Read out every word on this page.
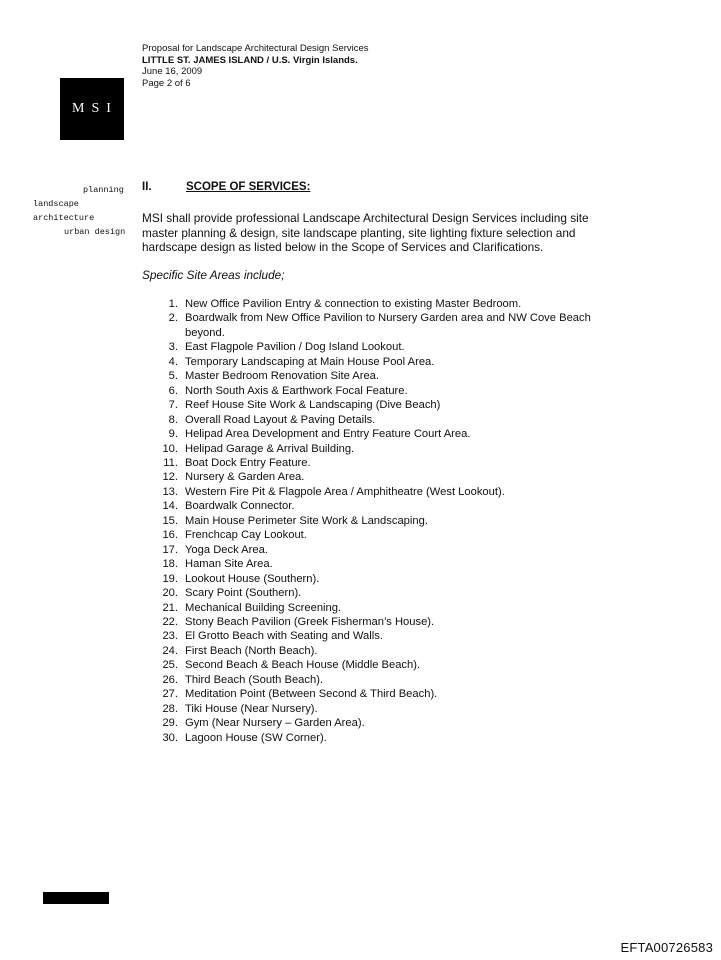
Proposal for Landscape Architectural Design Services
LITTLE ST. JAMES ISLAND / U.S. Virgin Islands.
June 16, 2009
Page 2 of 6
MSI
planning
landscape
architecture
urban design
II.	SCOPE OF SERVICES:
MSI shall provide professional Landscape Architectural Design Services including site master planning & design, site landscape planting, site lighting fixture selection and hardscape design as listed below in the Scope of Services and Clarifications.
Specific Site Areas include;
1. New Office Pavilion Entry & connection to existing Master Bedroom.
2. Boardwalk from New Office Pavilion to Nursery Garden area and NW Cove Beach beyond.
3. East Flagpole Pavilion / Dog Island Lookout.
4. Temporary Landscaping at Main House Pool Area.
5. Master Bedroom Renovation Site Area.
6. North South Axis & Earthwork Focal Feature.
7. Reef House Site Work & Landscaping (Dive Beach)
8. Overall Road Layout & Paving Details.
9. Helipad Area Development and Entry Feature Court Area.
10. Helipad Garage & Arrival Building.
11. Boat Dock Entry Feature.
12. Nursery & Garden Area.
13. Western Fire Pit & Flagpole Area / Amphitheatre (West Lookout).
14. Boardwalk Connector.
15. Main House Perimeter Site Work & Landscaping.
16. Frenchcap Cay Lookout.
17. Yoga Deck Area.
18. Haman Site Area.
19. Lookout House (Southern).
20. Scary Point (Southern).
21. Mechanical Building Screening.
22. Stony Beach Pavilion (Greek Fisherman’s House).
23. El Grotto Beach with Seating and Walls.
24. First Beach (North Beach).
25. Second Beach & Beach House (Middle Beach).
26. Third Beach (South Beach).
27. Meditation Point (Between Second & Third Beach).
28. Tiki House (Near Nursery).
29. Gym (Near Nursery – Garden Area).
30. Lagoon House (SW Corner).
EFTA00726583
